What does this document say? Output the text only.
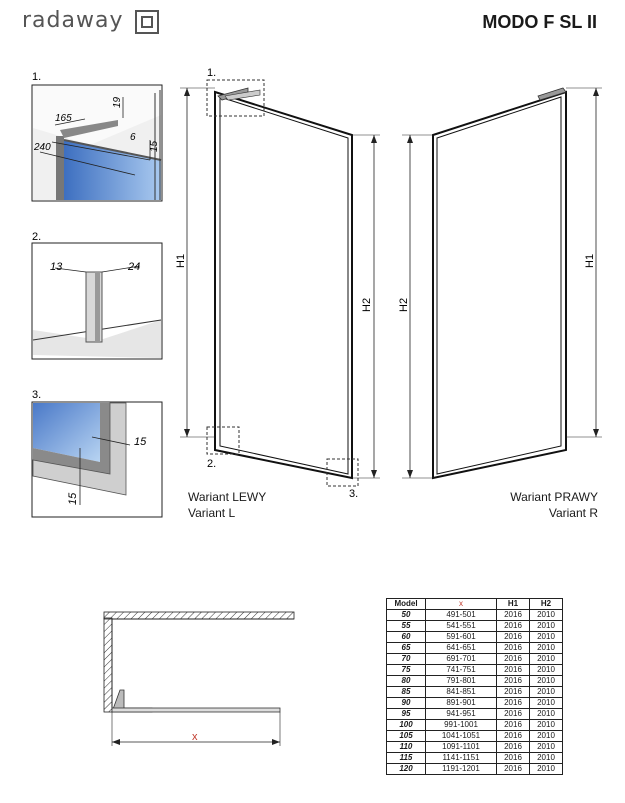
radaway	MODO F SL II
1.
165
19
6
240	15
2.
13	24
3.
15
15
H1
H2
1.
2.
3.
H1
H2
x
Wariant LEWY
Variant L
Wariant PRAWY
Variant R
Model	x	H1	H2
50	491-501	2016	2010
55	541-551	2016	2010
60	591-601	2016	2010
65	641-651	2016	2010
70	691-701	2016	2010
75	741-751	2016	2010
80	791-801	2016	2010
85	841-851	2016	2010
90	891-901	2016	2010
95	941-951	2016	2010
100	991-1001	2016	2010
105	1041-1051	2016	2010
110	1091-1101	2016	2010
115	1141-1151	2016	2010
120	1191-1201	2016	2010
